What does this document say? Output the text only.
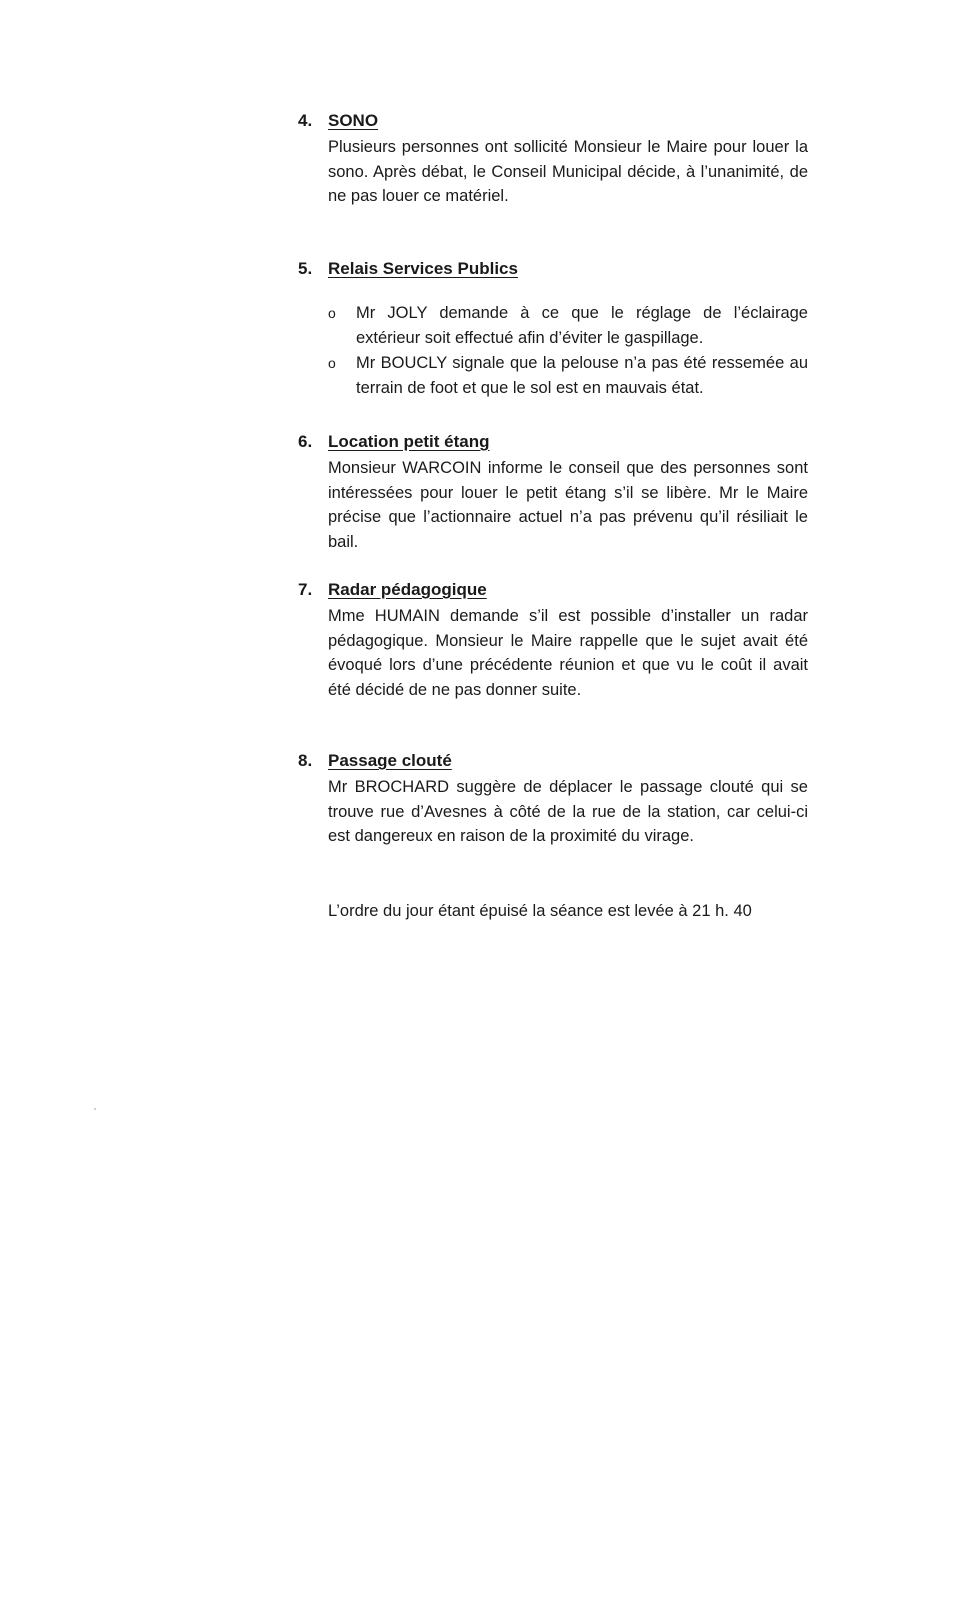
4. SONO

Plusieurs personnes ont sollicité Monsieur le Maire pour louer la sono. Après débat, le Conseil Municipal décide, à l’unanimité, de ne pas louer ce matériel.

5. Relais Services Publics
o	Mr JOLY demande à ce que le réglage de l’éclairage extérieur soit effectué afin d’éviter le gaspillage.
o	Mr BOUCLY signale que la pelouse n’a pas été ressemée au terrain de foot et que le sol est en mauvais état.
6. Location petit étang

Monsieur WARCOIN informe le conseil que des personnes sont intéressées pour louer le petit étang s’il se libère. Mr le Maire précise que l’actionnaire actuel n’a pas prévenu qu’il résiliait le bail.

7. Radar pédagogique

Mme HUMAIN demande s’il est possible d’installer un radar pédagogique. Monsieur le Maire rappelle que le sujet avait été évoqué lors d’une précédente réunion et que vu le coût il avait été décidé de ne pas donner suite.

8. Passage clouté

Mr BROCHARD suggère de déplacer le passage clouté qui se trouve rue d’Avesnes à côté de la rue de la station, car celui-ci est dangereux en raison de la proximité du virage.

L’ordre du jour étant épuisé la séance est levée à 21 h. 40
